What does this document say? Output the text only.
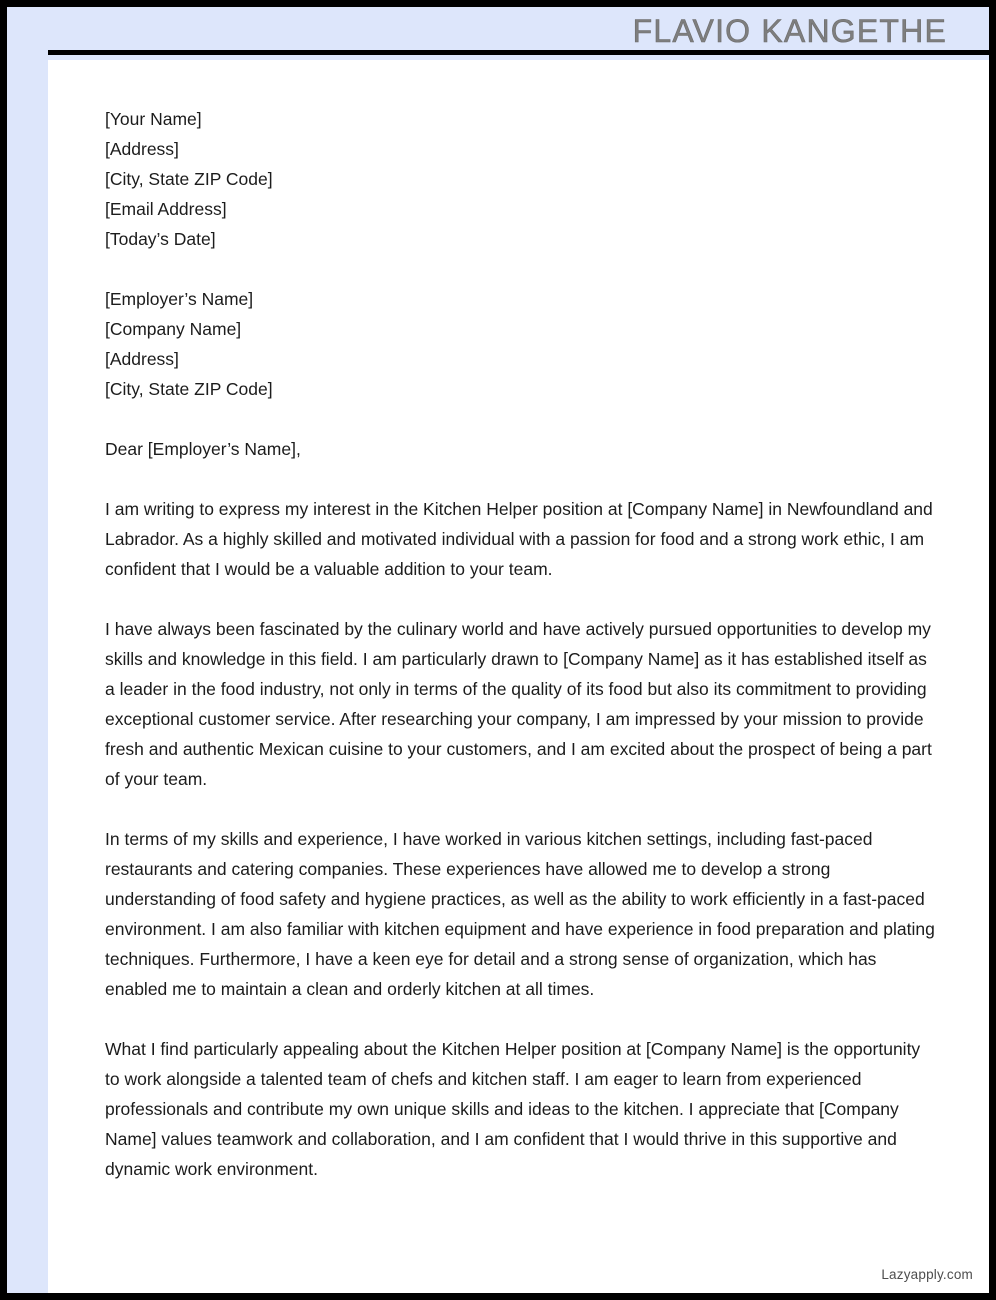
FLAVIO KANGETHE
[Your Name]
[Address]
[City, State ZIP Code]
[Email Address]
[Today’s Date]
[Employer’s Name]
[Company Name]
[Address]
[City, State ZIP Code]
Dear [Employer’s Name],

I am writing to express my interest in the Kitchen Helper position at [Company Name] in Newfoundland and Labrador. As a highly skilled and motivated individual with a passion for food and a strong work ethic, I am confident that I would be a valuable addition to your team.

I have always been fascinated by the culinary world and have actively pursued opportunities to develop my skills and knowledge in this field. I am particularly drawn to [Company Name] as it has established itself as a leader in the food industry, not only in terms of the quality of its food but also its commitment to providing exceptional customer service. After researching your company, I am impressed by your mission to provide fresh and authentic Mexican cuisine to your customers, and I am excited about the prospect of being a part of your team.

In terms of my skills and experience, I have worked in various kitchen settings, including fast-paced restaurants and catering companies. These experiences have allowed me to develop a strong understanding of food safety and hygiene practices, as well as the ability to work efficiently in a fast-paced environment. I am also familiar with kitchen equipment and have experience in food preparation and plating techniques. Furthermore, I have a keen eye for detail and a strong sense of organization, which has enabled me to maintain a clean and orderly kitchen at all times.

What I find particularly appealing about the Kitchen Helper position at [Company Name] is the opportunity to work alongside a talented team of chefs and kitchen staff. I am eager to learn from experienced professionals and contribute my own unique skills and ideas to the kitchen. I appreciate that [Company Name] values teamwork and collaboration, and I am confident that I would thrive in this supportive and dynamic work environment.

Lazyapply.com
